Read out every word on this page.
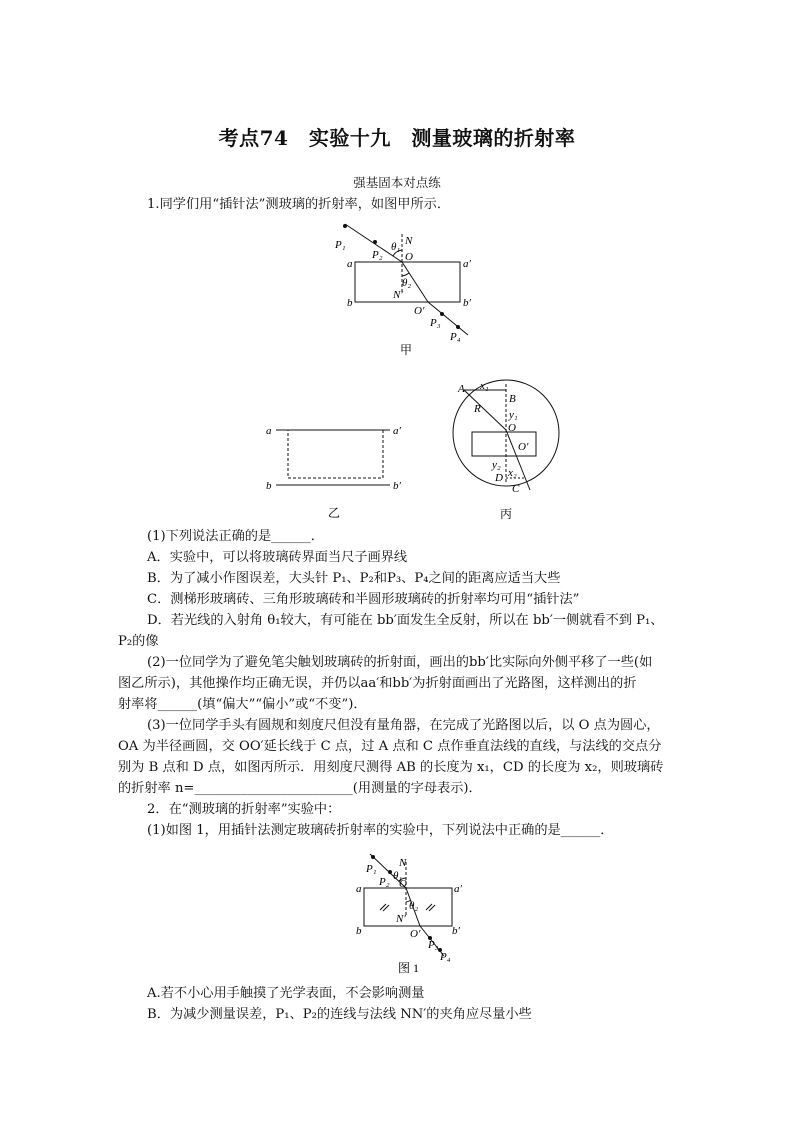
考点74　实验十九　测量玻璃的折射率
强基固本对点练
1.同学们用“插针法”测玻璃的折射率，如图甲所示．
P₁
P₂
θ₁ N
O
θ₂
N′
a	a′
b	b′
O′
P₃
P₄
甲
a	a′
b	b′
乙
A x₁
B
R	y₁
O
O′
y₂
x₂
D
C
丙
(1)下列说法正确的是______．
A．实验中，可以将玻璃砖界面当尺子画界线
B．为了减小作图误差，大头针 P₁、P₂和P₃、P₄之间的距离应适当大些
C．测梯形玻璃砖、三角形玻璃砖和半圆形玻璃砖的折射率均可用“插针法”
D．若光线的入射角 θ₁较大，有可能在 bb′面发生全反射，所以在 bb′一侧就看不到 P₁、
P₂的像
(2)一位同学为了避免笔尖触划玻璃砖的折射面，画出的bb′比实际向外侧平移了一些(如
图乙所示)，其他操作均正确无误，并仍以aa′和bb′为折射面画出了光路图，这样测出的折
射率将______(填“偏大”“偏小”或“不变”)．
(3)一位同学手头有圆规和刻度尺但没有量角器，在完成了光路图以后，以 O 点为圆心，
OA 为半径画圆，交 OO′延长线于 C 点，过 A 点和 C 点作垂直法线的直线，与法线的交点分
别为 B 点和 D 点，如图丙所示．用刻度尺测得 AB 的长度为 x₁，CD 的长度为 x₂，则玻璃砖
的折射率 n=________________________(用测量的字母表示)．
2．在“测玻璃的折射率”实验中：
(1)如图 1，用插针法测定玻璃砖折射率的实验中，下列说法中正确的是______．
P₁
P₂ θ₁
N
O
θ₂
N′
a	a′
b	b′
O′
P₃
P₄
图 1
A.若不小心用手触摸了光学表面，不会影响测量
B．为减少测量误差，P₁、P₂的连线与法线 NN′的夹角应尽量小些
